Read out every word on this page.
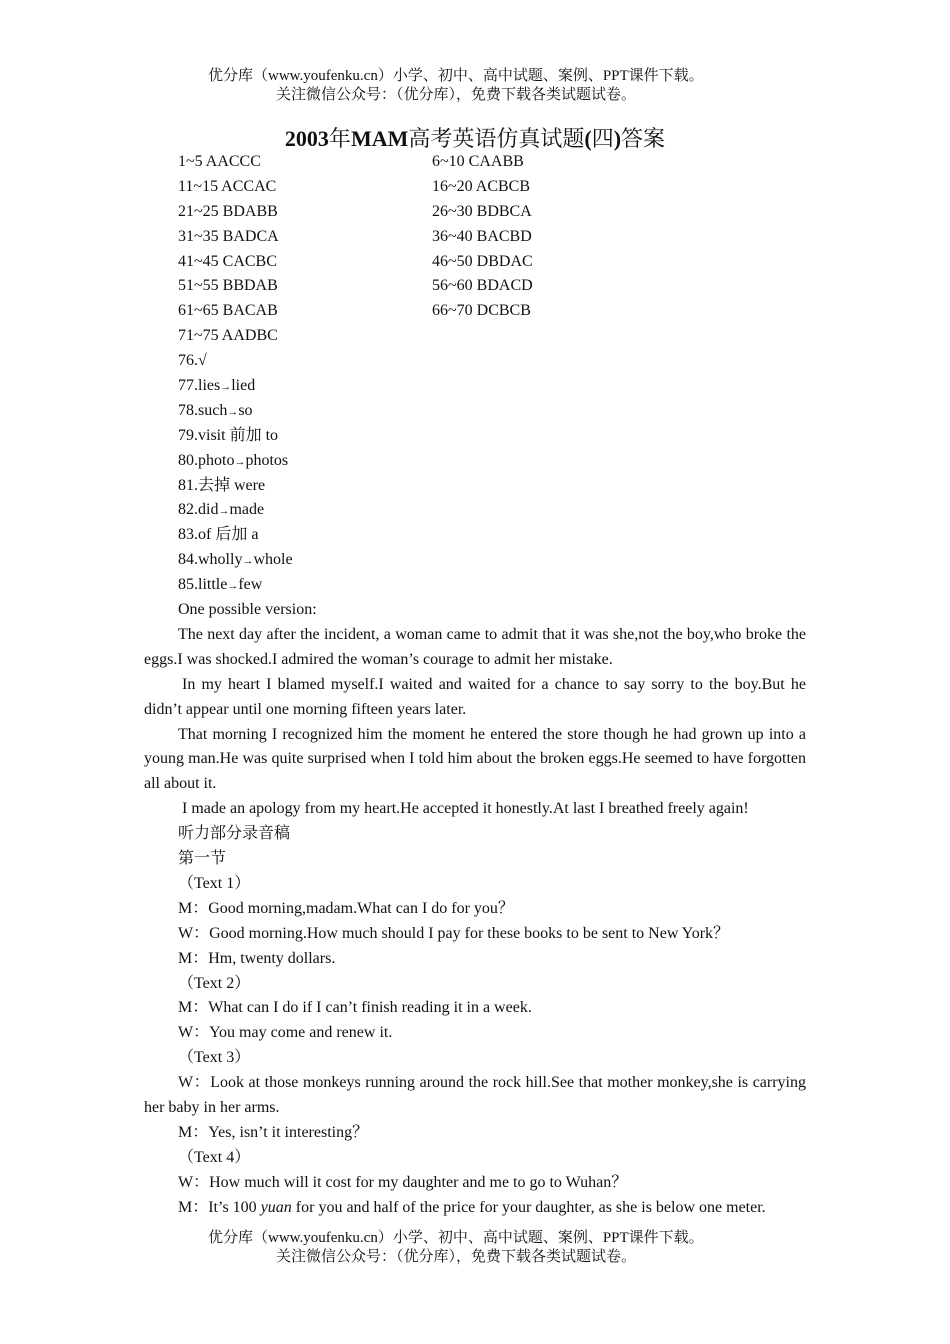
优分库（www.youfenku.cn）小学、初中、高中试题、案例、PPT课件下载。
关注微信公众号：（优分库），免费下载各类试题试卷。
2003年MAM高考英语仿真试题(四)答案
1~5 AACCC	6~10 CAABB
11~15 ACCAC	16~20 ACBCB
21~25 BDABB	26~30 BDBCA
31~35 BADCA	36~40 BACBD
41~45 CACBC	46~50 DBDAC
51~55 BBDAB	56~60 BDACD
61~65 BACAB	66~70 DCBCB
71~75 AADBC
76.√
77.lies→lied
78.such→so
79.visit 前加 to
80.photo→photos
81.去掉 were
82.did→made
83.of 后加 a
84.wholly→whole
85.little→few
One possible version:

The next day after the incident, a woman came to admit that it was she,not the boy,who broke the eggs.I was shocked.I admired the woman’s courage to admit her mistake.

In my heart I blamed myself.I waited and waited for a chance to say sorry to the boy.But he didn’t appear until one morning fifteen years later.

That morning I recognized him the moment he entered the store though he had grown up into a young man.He was quite surprised when I told him about the broken eggs.He seemed to have forgotten all about it.

I made an apology from my heart.He accepted it honestly.At last I breathed freely again!

听力部分录音稿
第一节
（Text 1）
M：Good morning,madam.What can I do for you？
W：Good morning.How much should I pay for these books to be sent to New York？
M：Hm, twenty dollars.
（Text 2）
M：What can I do if I can’t finish reading it in a week.
W：You may come and renew it.
（Text 3）

W：Look at those monkeys running around the rock hill.See that mother monkey,she is carrying her baby in her arms.

M：Yes, isn’t it interesting？
（Text 4）
W：How much will it cost for my daughter and me to go to Wuhan？
M：It’s 100 yuan for you and half of the price for your daughter, as she is below one meter.
优分库（www.youfenku.cn）小学、初中、高中试题、案例、PPT课件下载。
关注微信公众号：（优分库），免费下载各类试题试卷。
